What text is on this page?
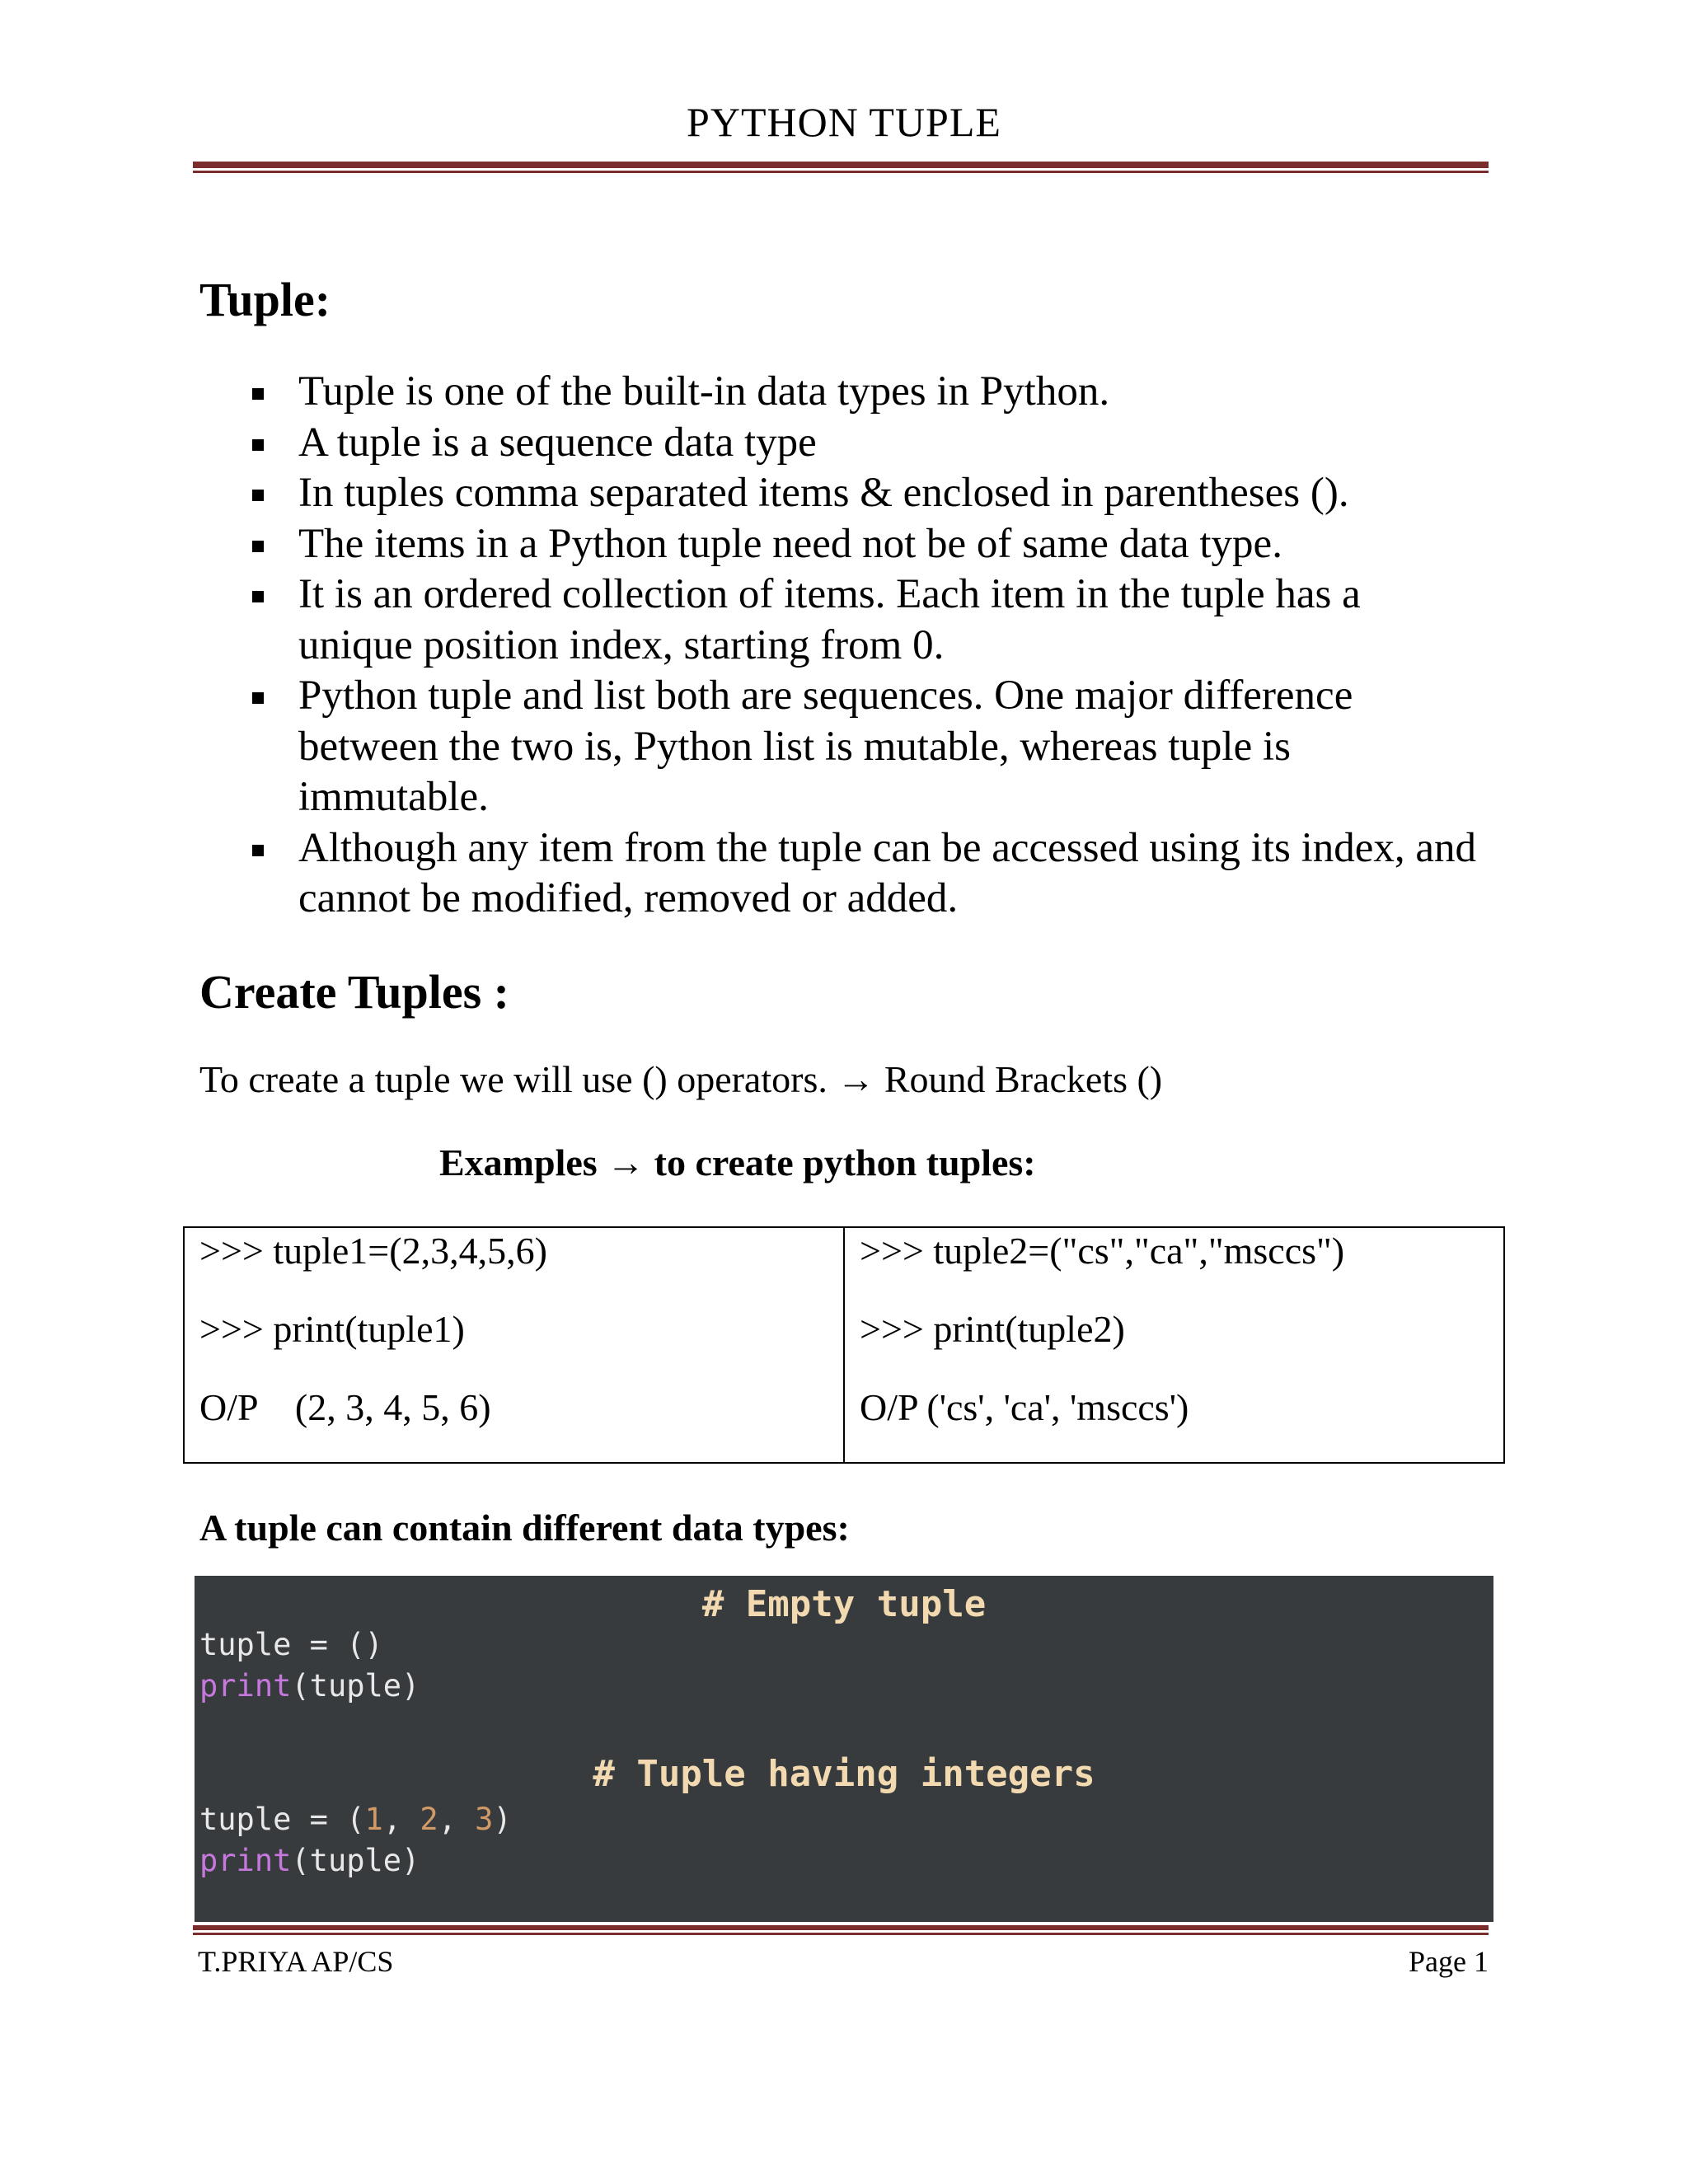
PYTHON TUPLE
Tuple:
Tuple is one of the built-in data types in Python.
A tuple is a sequence data type
In tuples comma separated items & enclosed in parentheses ().
The items in a Python tuple need not be of same data type.
It is an ordered collection of items. Each item in the tuple has a unique position index, starting from 0.
Python tuple and list both are sequences. One major difference between the two is, Python list is mutable, whereas tuple is immutable.
Although any item from the tuple can be accessed using its index, and cannot be modified, removed or added.
Create Tuples :
To create a tuple we will use () operators. → Round Brackets ()
Examples → to create python tuples:
>>> tuple1=(2,3,4,5,6)
>>> print(tuple1)
O/P    (2, 3, 4, 5, 6)

>>> tuple2=("cs","ca","msccs")
>>> print(tuple2)
O/P ('cs', 'ca', 'msccs')
A tuple can contain different data types:
# Empty tuple
tuple = ()
print(tuple)
# Tuple having integers
tuple = (1, 2, 3)
print(tuple)
T.PRIYA AP/CS	Page 1
